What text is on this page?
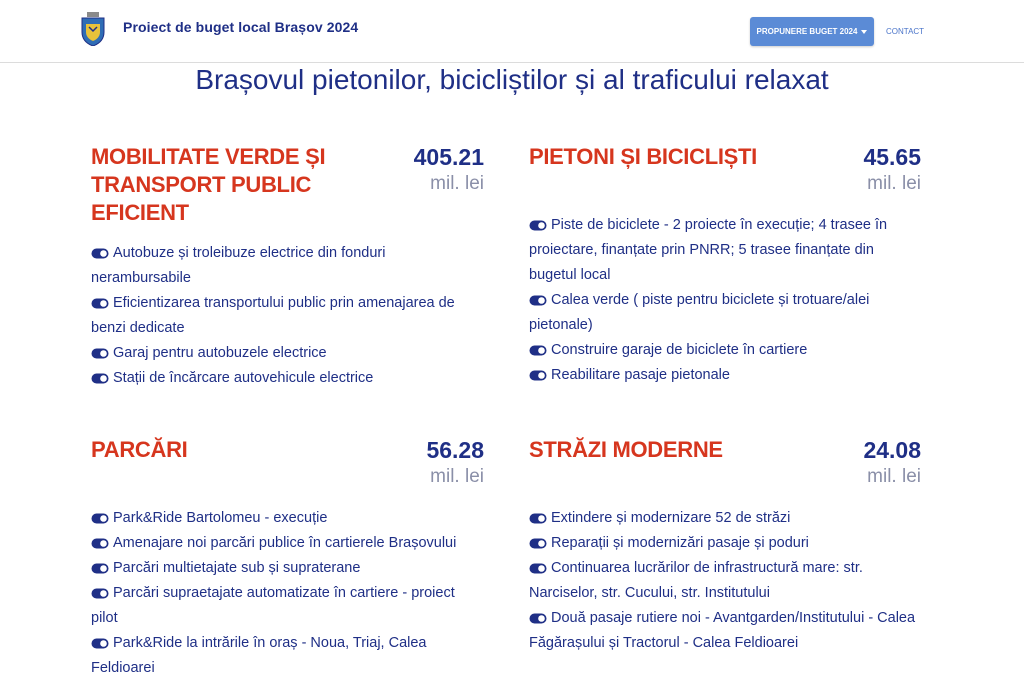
Proiect de buget local Brașov 2024	PROPUNERE BUGET 2024	CONTACT
Brașovul pietonilor, bicicliștilor și al traficului relaxat
MOBILITATE VERDE ȘI TRANSPORT PUBLIC EFICIENT
405.21
mil. lei
Autobuze și troleibuze electrice din fonduri nerambursabile
Eficientizarea transportului public prin amenajarea de benzi dedicate
Garaj pentru autobuzele electrice
Stații de încărcare autovehicule electrice
PIETONI ȘI BICICLIȘTI	45.65
mil. lei
Piste de biciclete - 2 proiecte în execuție; 4 trasee în proiectare, finanțate prin PNRR; 5 trasee finanțate din bugetul local
Calea verde ( piste pentru biciclete și trotuare/alei pietonale)
Construire garaje de biciclete în cartiere
Reabilitare pasaje pietonale
PARCĂRI	56.28
mil. lei
Park&Ride Bartolomeu - execuție
Amenajare noi parcări publice în cartierele Brașovului
Parcări multietajate sub și supraterane
Parcări supraetajate automatizate în cartiere - proiect pilot
Park&Ride la intrările în oraș - Noua, Triaj, Calea Feldioarei
STRĂZI MODERNE	24.08
mil. lei
Extindere și modernizare 52 de străzi
Reparații și modernizări pasaje și poduri
Continuarea lucrărilor de infrastructură mare: str. Narciselor, str. Cucului, str. Institutului
Două pasaje rutiere noi - Avantgarden/Institutului - Calea Făgărașului și Tractorul - Calea Feldioarei
